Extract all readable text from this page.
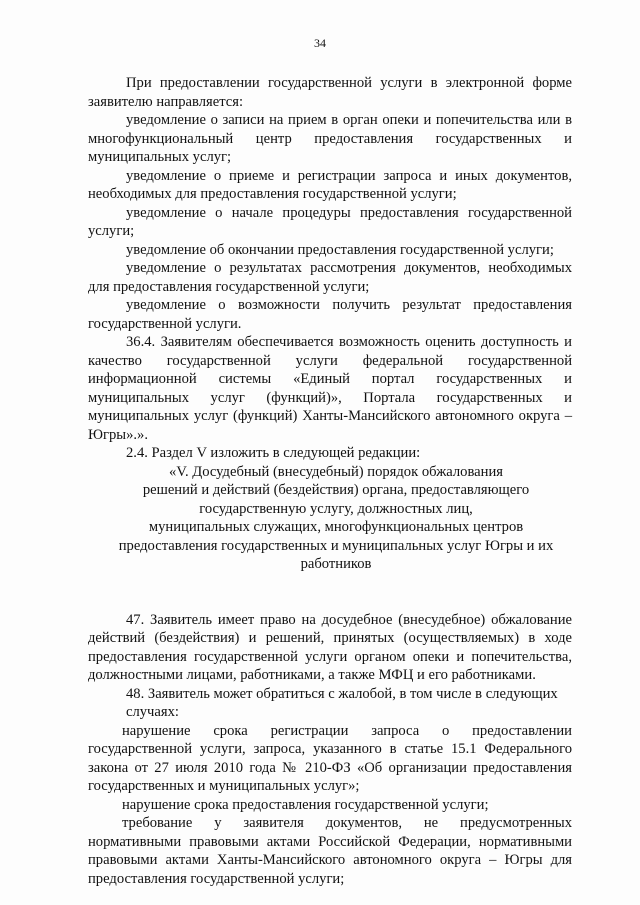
34

При предоставлении государственной услуги в электронной форме заявителю направляется:

уведомление о записи на прием в орган опеки и попечительства или в многофункциональный центр предоставления государственных и муниципальных услуг;

уведомление о приеме и регистрации запроса и иных документов, необходимых для предоставления государственной услуги;

уведомление о начале процедуры предоставления государственной услуги;

уведомление об окончании предоставления государственной услуги;

уведомление о результатах рассмотрения документов, необходимых для предоставления государственной услуги;

уведомление о возможности получить результат предоставления государственной услуги.

36.4. Заявителям обеспечивается возможность оценить доступность и качество государственной услуги федеральной государственной информационной системы «Единый портал государственных и муниципальных услуг (функций)», Портала государственных и муниципальных услуг (функций) Ханты-Мансийского автономного округа – Югры».».

2.4. Раздел V изложить в следующей редакции:

«V. Досудебный (внесудебный) порядок обжалования

решений и действий (бездействия) органа, предоставляющего

государственную услугу, должностных лиц,

муниципальных служащих, многофункциональных центров

предоставления государственных и муниципальных услуг Югры и их

работников

47. Заявитель имеет право на досудебное (внесудебное) обжалование действий (бездействия) и решений, принятых (осуществляемых) в ходе предоставления государственной услуги органом опеки и попечительства, должностными лицами, работниками, а также МФЦ и его работниками.

48. Заявитель может обратиться с жалобой, в том числе в следующих

случаях:

нарушение срока регистрации запроса о предоставлении государственной услуги, запроса, указанного в статье 15.1 Федерального закона от 27 июля 2010 года № 210-ФЗ «Об организации предоставления государственных и муниципальных услуг»;

нарушение срока предоставления государственной услуги;

требование у заявителя документов, не предусмотренных нормативными правовыми актами Российской Федерации, нормативными правовыми актами Ханты-Мансийского автономного округа – Югры для предоставления государственной услуги;
